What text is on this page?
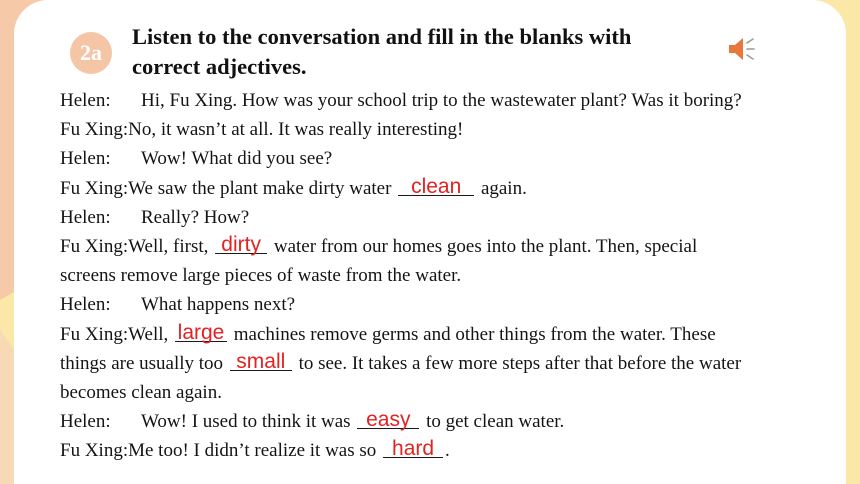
2a
Listen to the conversation and fill in the blanks with
correct adjectives.
Helen: Hi, Fu Xing. How was your school trip to the wastewater plant? Was it boring?
Fu Xing:No, it wasn’t at all. It was really interesting!
Helen: Wow! What did you see?
Fu Xing:We saw the plant make dirty water clean again.
Helen: Really? How?
Fu Xing:Well, first, dirty water from our homes goes into the plant. Then, special
screens remove large pieces of waste from the water.
Helen: What happens next?
Fu Xing:Well, large machines remove germs and other things from the water. These
things are usually too small to see. It takes a few more steps after that before the water
becomes clean again.
Helen: Wow! I used to think it was easy to get clean water.
Fu Xing:Me too! I didn’t realize it was so hard .
